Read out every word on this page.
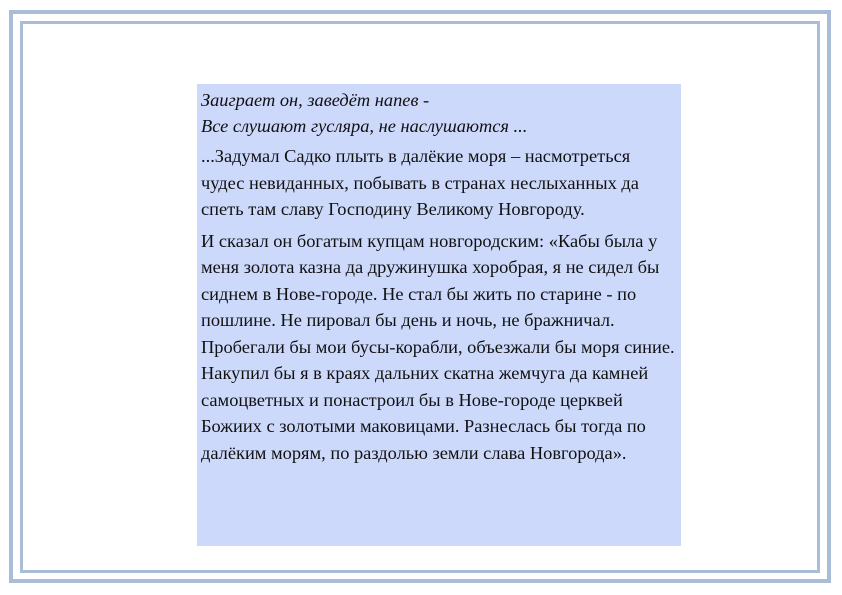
Заиграет он, заведёт напев -
Все слушают гусляра, не наслушаются ...

...Задумал Садко плыть в далёкие моря – насмотреться чудес невиданных, побывать в странах неслыханных да спеть там славу Господину Великому Новгороду.

И сказал он богатым купцам новгородским: «Кабы была у меня золота казна да дружинушка хоробрая, я не сидел бы сиднем в Нове-городе. Не стал бы жить по старине - по пошлине. Не пировал бы день и ночь, не бражничал. Пробегали бы мои бусы-корабли, объезжали бы моря синие. Накупил бы я в краях дальних скатна жемчуга да камней самоцветных и понастроил бы в Нове-городе церквей Божиих с золотыми маковицами. Разнеслась бы тогда по далёким морям, по раздолью земли слава Новгорода».
